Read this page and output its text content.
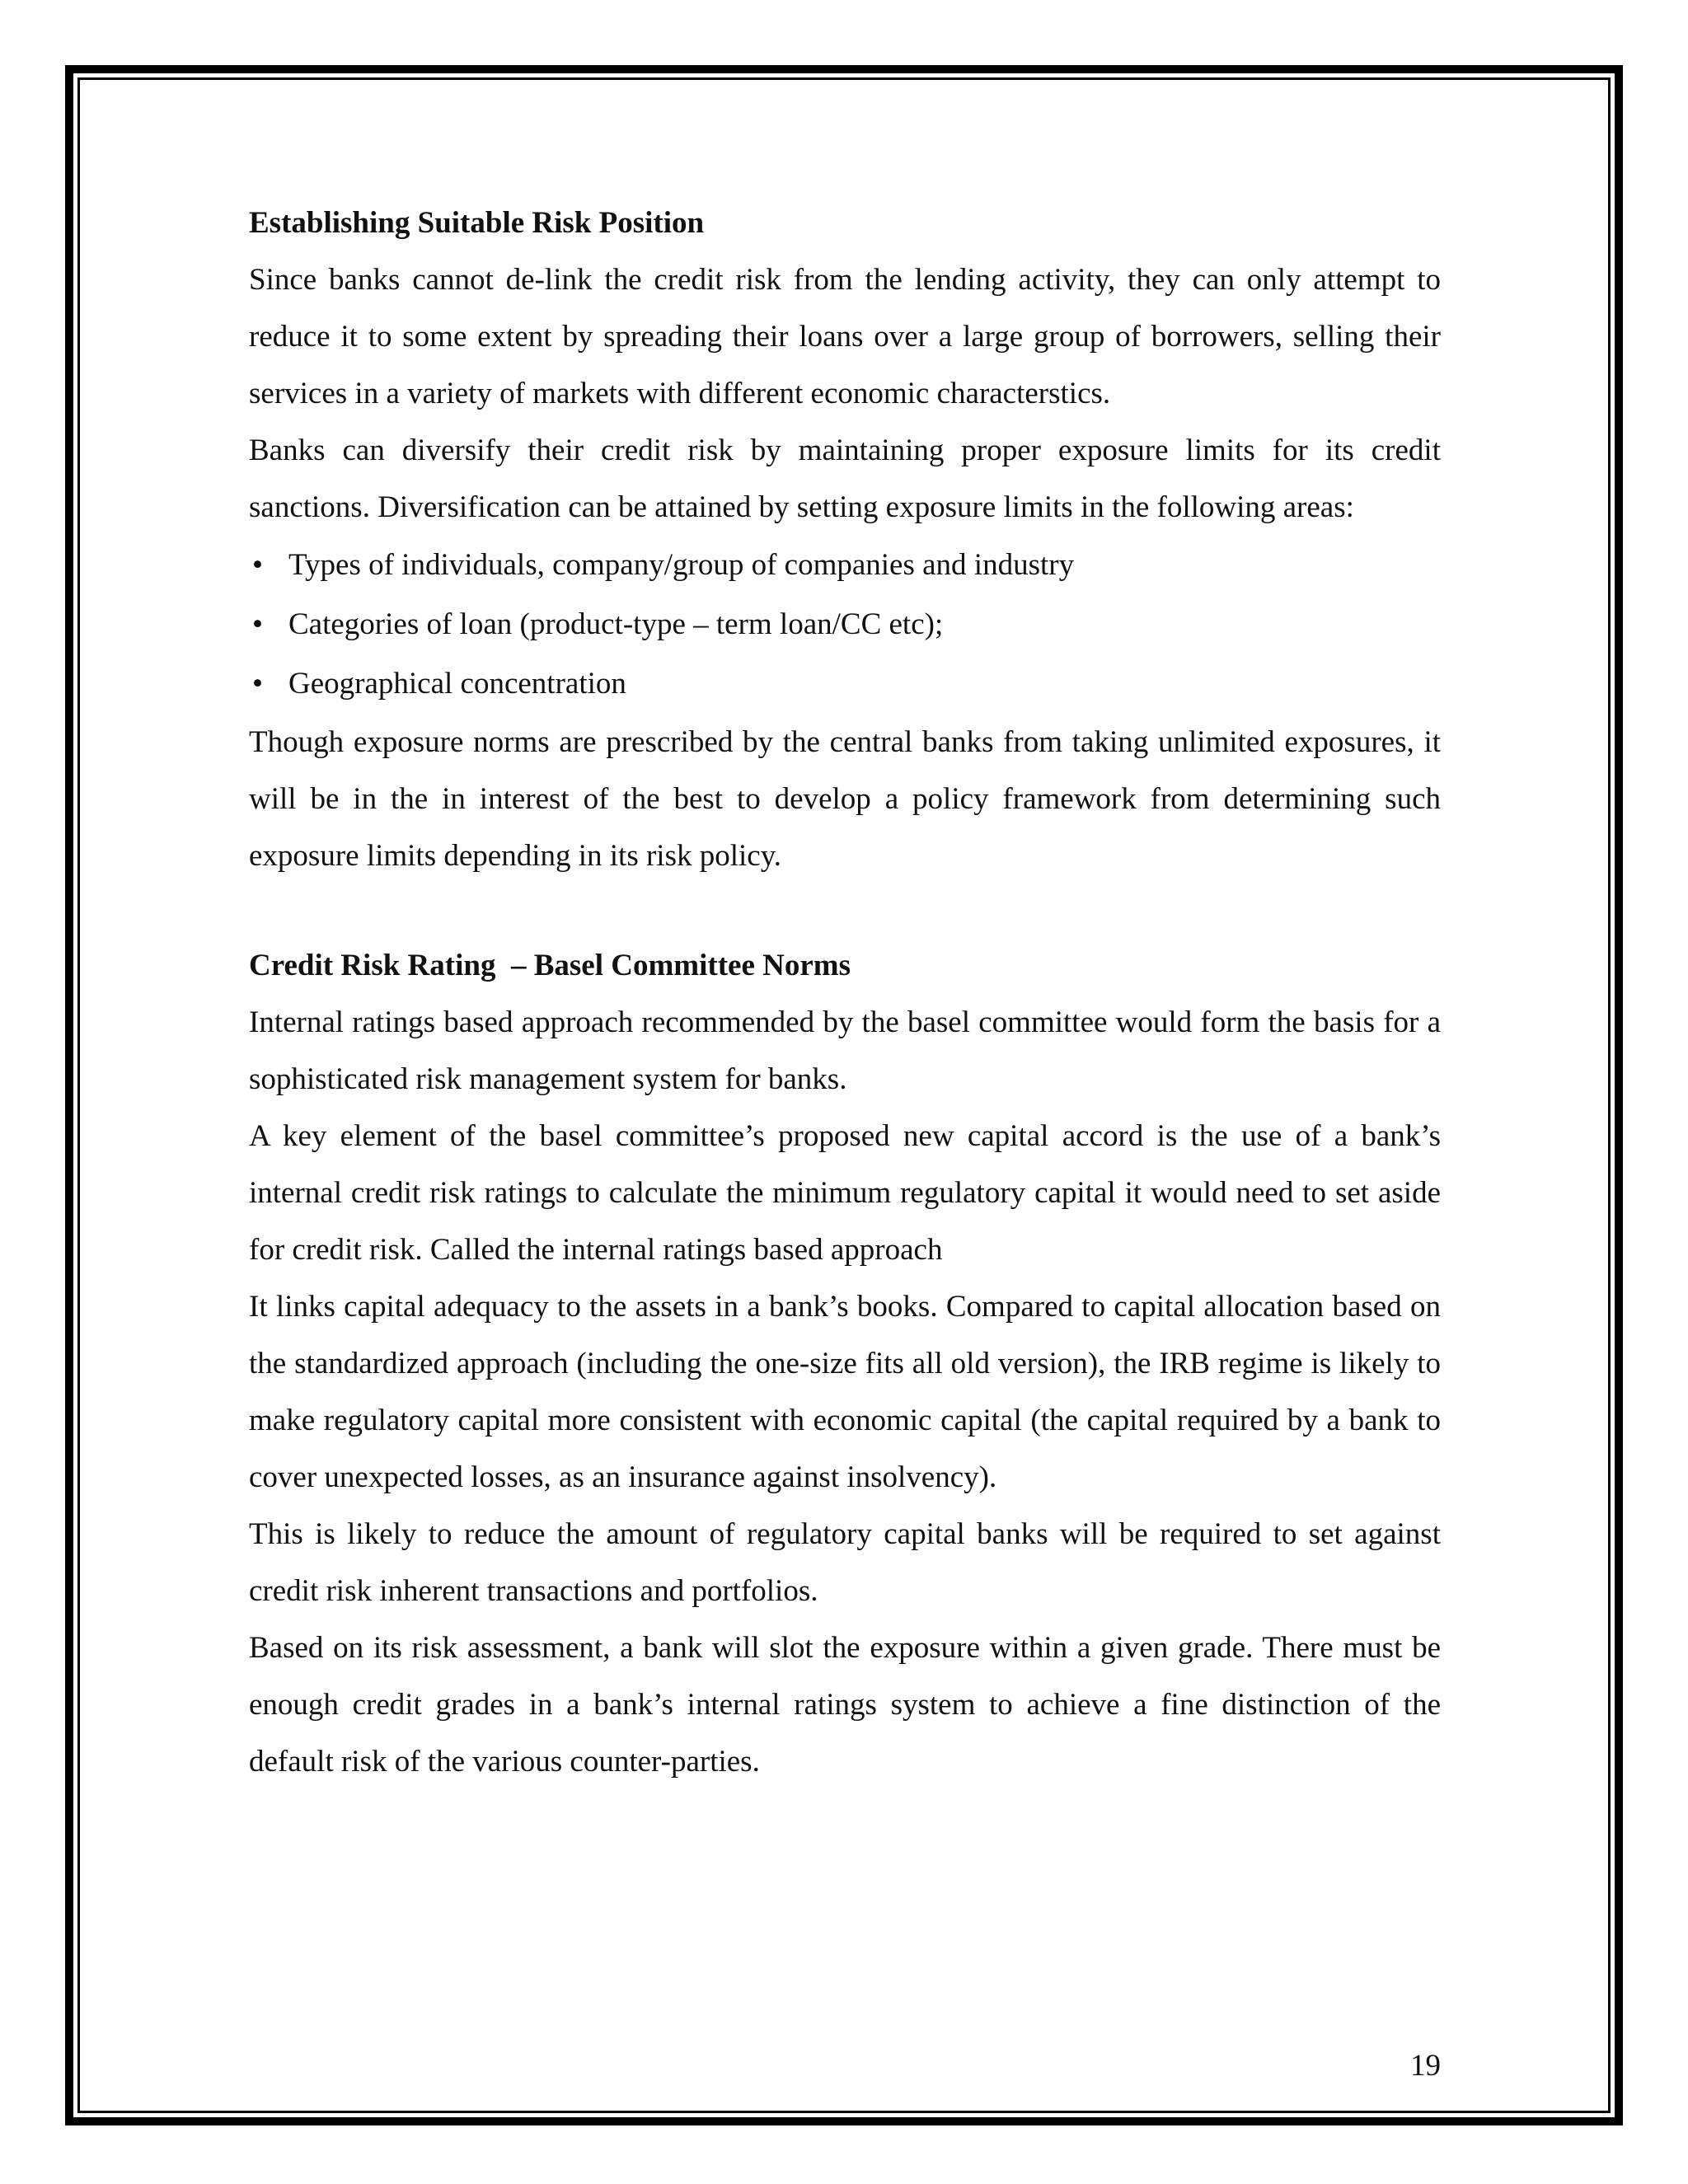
Establishing Suitable Risk Position

Since banks cannot de-link the credit risk from the lending activity, they can only attempt to reduce it to some extent by spreading their loans over a large group of borrowers, selling their services in a variety of markets with different economic characterstics.

Banks can diversify their credit risk by maintaining proper exposure limits for its credit sanctions. Diversification can be attained by setting exposure limits in the following areas:

• Types of individuals, company/group of companies and industry
• Categories of loan (product-type – term loan/CC etc);
• Geographical concentration

Though exposure norms are prescribed by the central banks from taking unlimited exposures, it will be in the in interest of the best to develop a policy framework from determining such exposure limits depending in its risk policy.

Credit Risk Rating  – Basel Committee Norms

Internal ratings based approach recommended by the basel committee would form the basis for a sophisticated risk management system for banks.

A key element of the basel committee’s proposed new capital accord is the use of a bank’s internal credit risk ratings to calculate the minimum regulatory capital it would need to set aside for credit risk. Called the internal ratings based approach

It links capital adequacy to the assets in a bank’s books. Compared to capital allocation based on the standardized approach (including the one-size fits all old version), the IRB regime is likely to make regulatory capital more consistent with economic capital (the capital required by a bank to cover unexpected losses, as an insurance against insolvency).

This is likely to reduce the amount of regulatory capital banks will be required to set against credit risk inherent transactions and portfolios.

Based on its risk assessment, a bank will slot the exposure within a given grade. There must be enough credit grades in a bank’s internal ratings system to achieve a fine distinction of the default risk of the various counter-parties.

19
